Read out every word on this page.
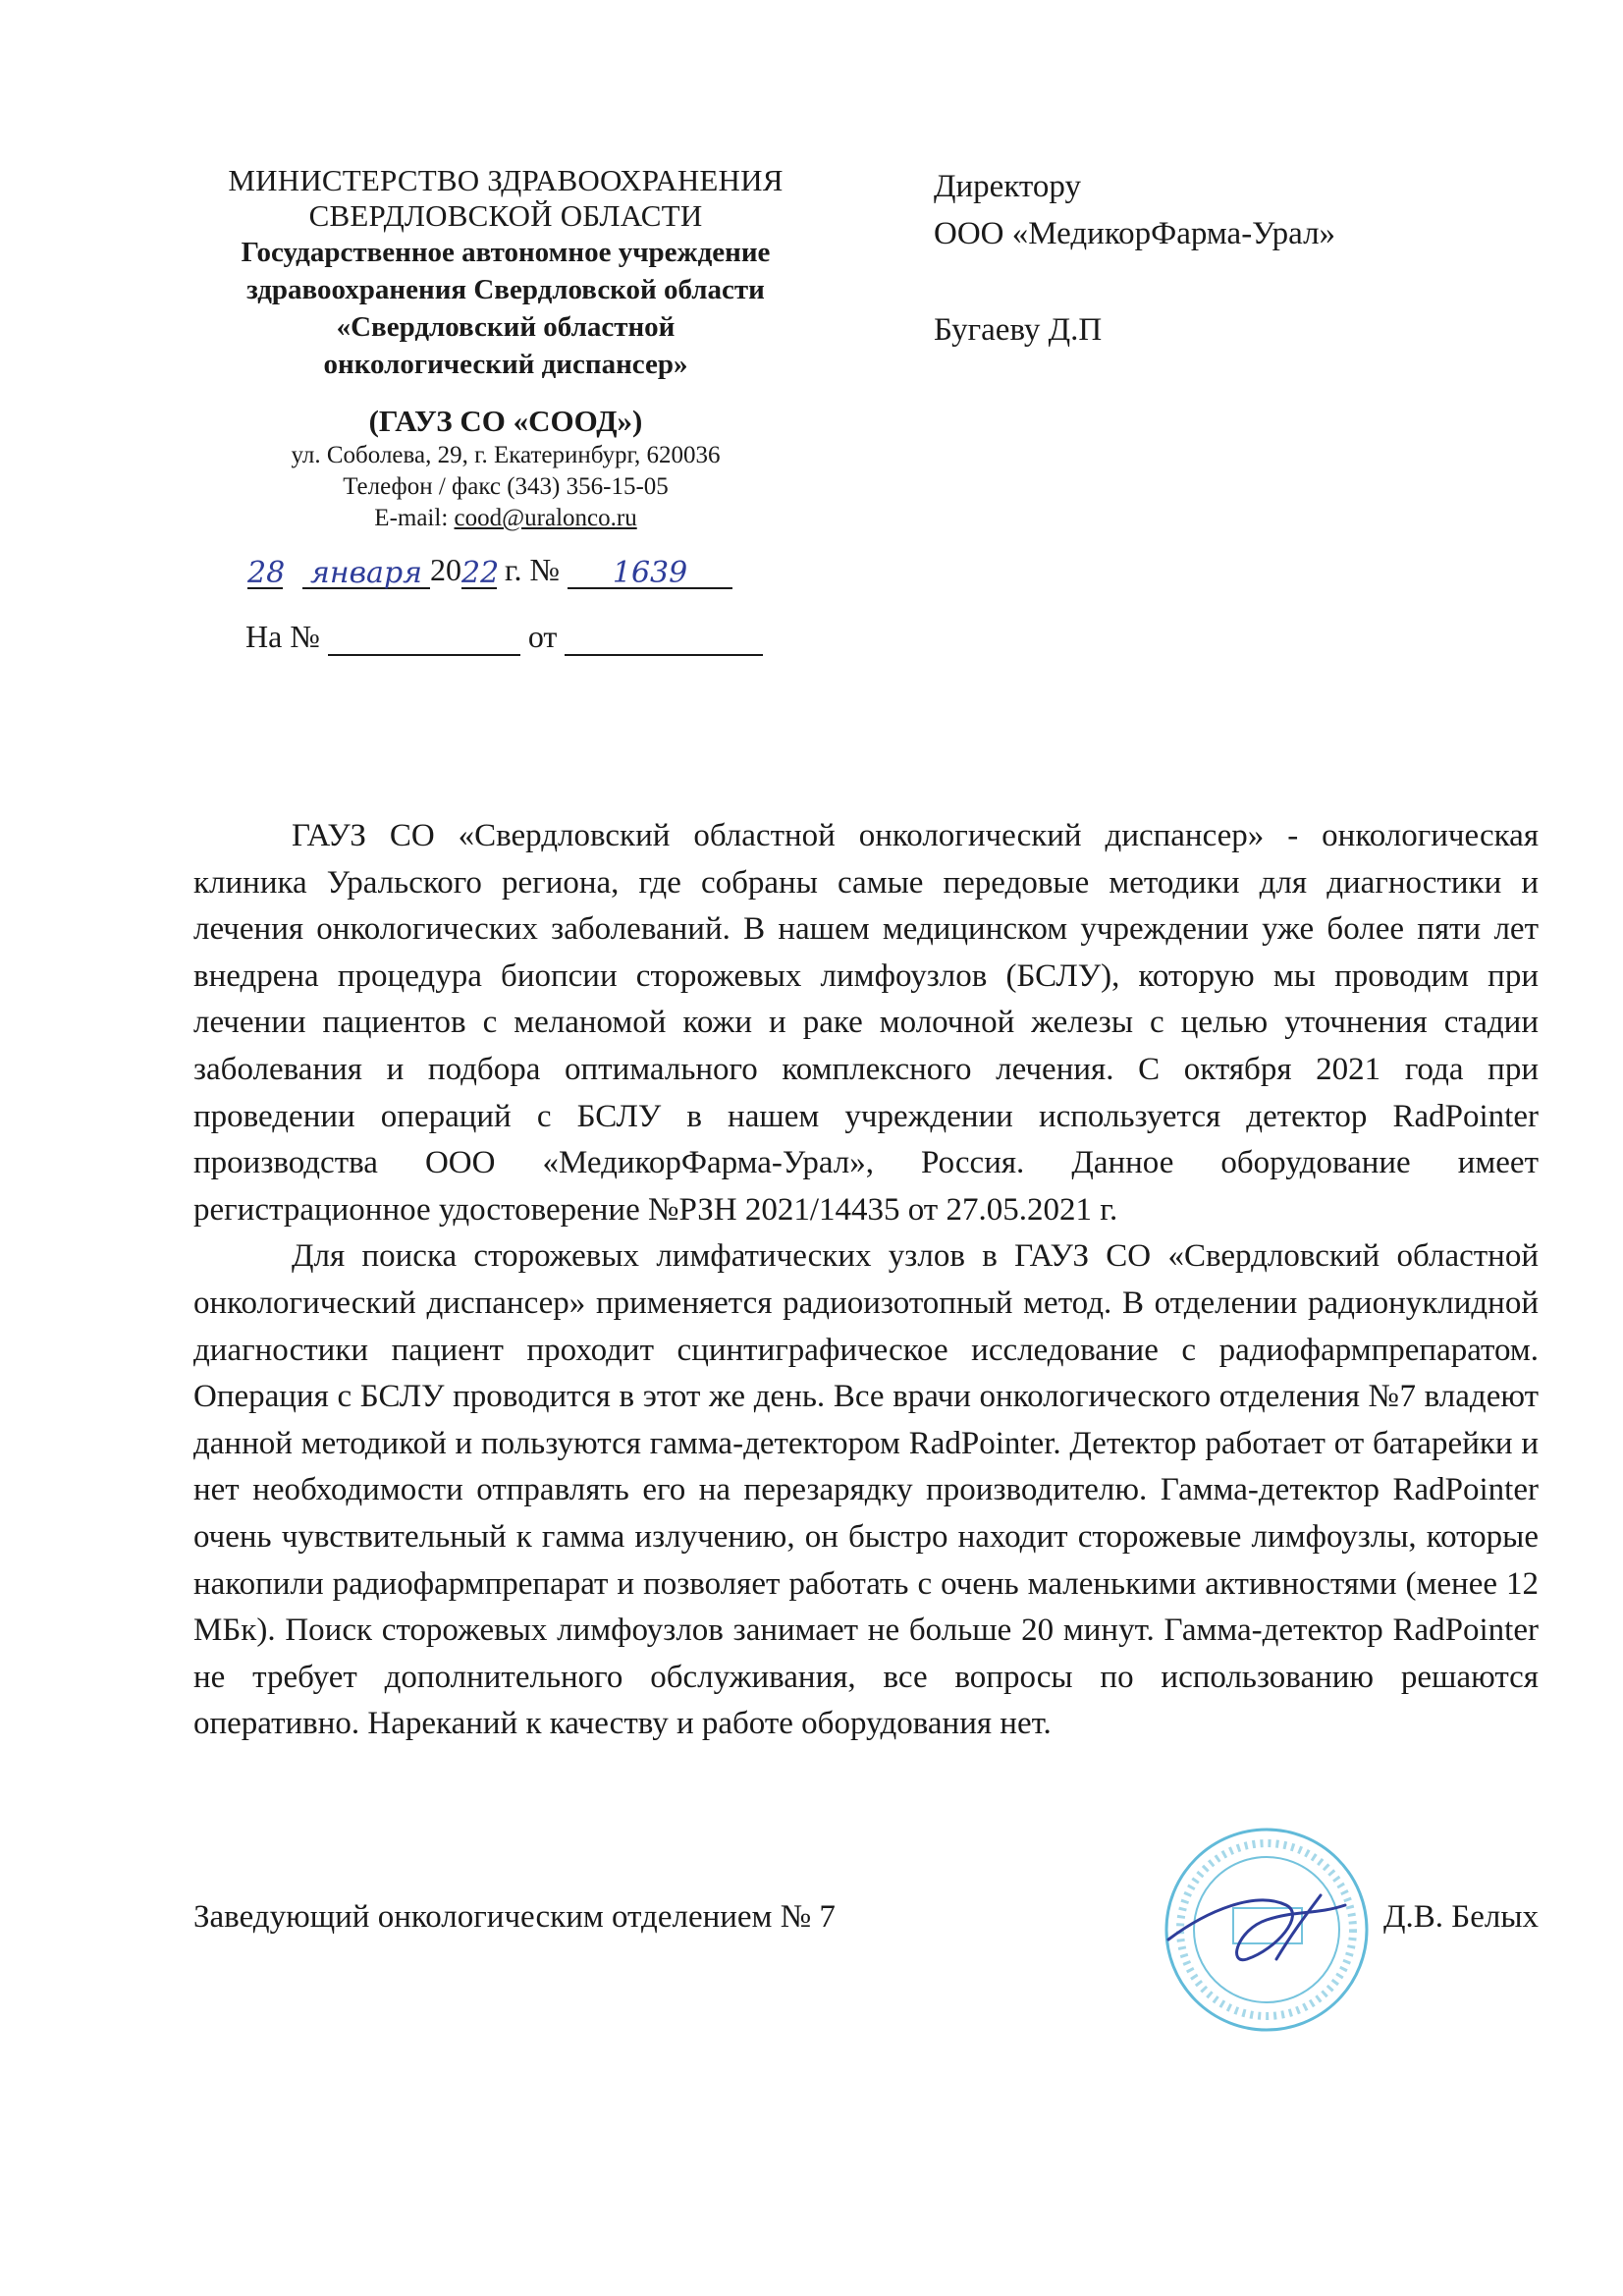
МИНИСТЕРСТВО ЗДРАВООХРАНЕНИЯ
СВЕРДЛОВСКОЙ ОБЛАСТИ
Государственное автономное учреждение
здравоохранения Свердловской области
«Свердловский областной
онкологический диспансер»
(ГАУЗ СО «СООД»)
ул. Соболева, 29, г. Екатеринбург, 620036
Телефон / факс (343) 356-15-05
E-mail: cood@uralonco.ru
28 января 2022 г. № 1639
На №	от
Директору
ООО «МедикорФарма-Урал»
Бугаеву Д.П

ГАУЗ СО «Свердловский областной онкологический диспансер» - онкологическая клиника Уральского региона, где собраны самые передовые методики для диагностики и лечения онкологических заболеваний. В нашем медицинском учреждении уже более пяти лет внедрена процедура биопсии сторожевых лимфоузлов (БСЛУ), которую мы проводим при лечении пациентов с меланомой кожи и раке молочной железы с целью уточнения стадии заболевания и подбора оптимального комплексного лечения. С октября 2021 года при проведении операций с БСЛУ в нашем учреждении используется детектор RadPointer производства ООО «МедикорФарма-Урал», Россия. Данное оборудование имеет регистрационное удостоверение №РЗН 2021/14435 от 27.05.2021 г.

Для поиска сторожевых лимфатических узлов в ГАУЗ СО «Свердловский областной онкологический диспансер» применяется радиоизотопный метод. В отделении радионуклидной диагностики пациент проходит сцинтиграфическое исследование с радиофармпрепаратом. Операция с БСЛУ проводится в этот же день. Все врачи онкологического отделения №7 владеют данной методикой и пользуются гамма-детектором RadPointer. Детектор работает от батарейки и нет необходимости отправлять его на перезарядку производителю. Гамма-детектор RadPointer очень чувствительный к гамма излучению, он быстро находит сторожевые лимфоузлы, которые накопили радиофармпрепарат и позволяет работать с очень маленькими активностями (менее 12 МБк). Поиск сторожевых лимфоузлов занимает не больше 20 минут. Гамма-детектор RadPointer не требует дополнительного обслуживания, все вопросы по использованию решаются оперативно. Нареканий к качеству и работе оборудования нет.

Заведующий онкологическим отделением № 7	Д.В. Белых
